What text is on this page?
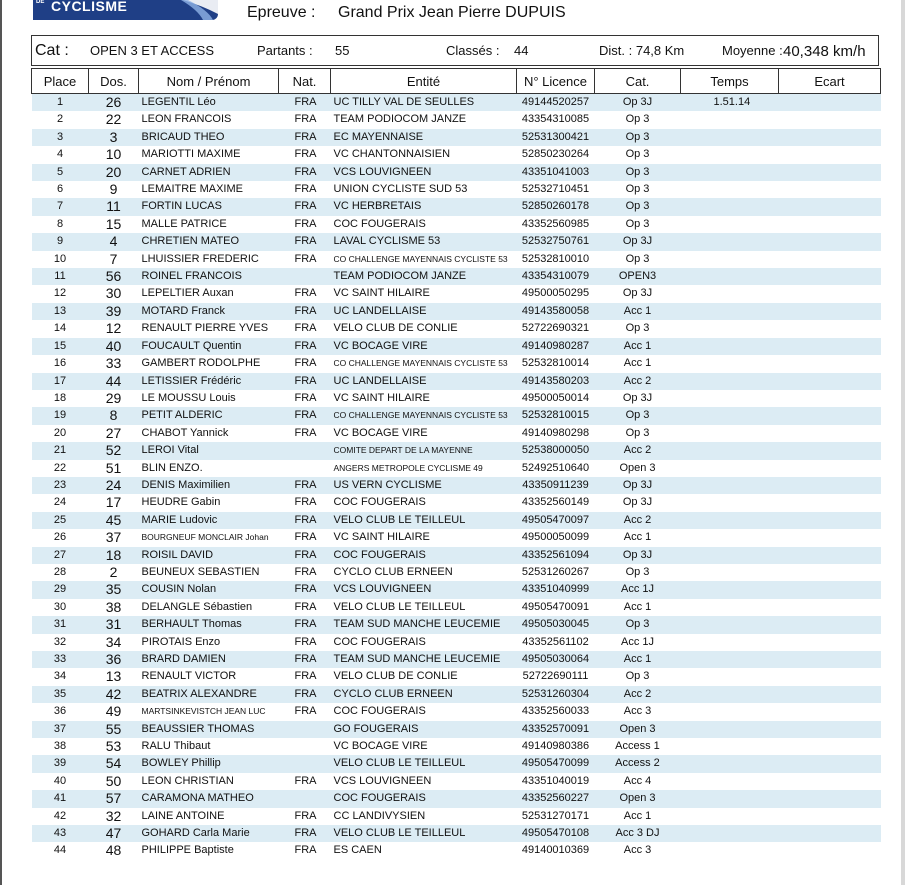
DE CYCLISME	Epreuve : Grand Prix Jean Pierre DUPUIS
Cat : OPEN 3 ET ACCESS	Partants : 55	Classés : 44	Dist. : 74,8 Km	Moyenne : 40,348 km/h
Place	Dos.	Nom / Prénom	Nat.	Entité	N° Licence	Cat.	Temps	Ecart
1	26	LEGENTIL Léo	FRA	UC TILLY VAL DE SEULLES	49144520257	Op 3J	1.51.14	
2	22	LEON FRANCOIS	FRA	TEAM PODIOCOM JANZE	43354310085	Op 3		
3	3	BRICAUD THEO	FRA	EC MAYENNAISE	52531300421	Op 3		
4	10	MARIOTTI MAXIME	FRA	VC CHANTONNAISIEN	52850230264	Op 3		
5	20	CARNET ADRIEN	FRA	VCS LOUVIGNEEN	43351041003	Op 3		
6	9	LEMAITRE MAXIME	FRA	UNION CYCLISTE SUD 53	52532710451	Op 3		
7	11	FORTIN LUCAS	FRA	VC HERBRETAIS	52850260178	Op 3		
8	15	MALLE PATRICE	FRA	COC FOUGERAIS	43352560985	Op 3		
9	4	CHRETIEN MATEO	FRA	LAVAL CYCLISME 53	52532750761	Op 3J		
10	7	LHUISSIER FREDERIC	FRA	CO CHALLENGE MAYENNAIS CYCLISTE 53	52532810010	Op 3		
11	56	ROINEL FRANCOIS		TEAM PODIOCOM JANZE	43354310079	OPEN3		
12	30	LEPELTIER Auxan	FRA	VC SAINT HILAIRE	49500050295	Op 3J		
13	39	MOTARD Franck	FRA	UC LANDELLAISE	49143580058	Acc 1		
14	12	RENAULT PIERRE YVES	FRA	VELO CLUB DE CONLIE	52722690321	Op 3		
15	40	FOUCAULT Quentin	FRA	VC BOCAGE VIRE	49140980287	Acc 1		
16	33	GAMBERT RODOLPHE	FRA	CO CHALLENGE MAYENNAIS CYCLISTE 53	52532810014	Acc 1		
17	44	LETISSIER Frédéric	FRA	UC LANDELLAISE	49143580203	Acc 2		
18	29	LE MOUSSU Louis	FRA	VC SAINT HILAIRE	49500050014	Op 3J		
19	8	PETIT ALDERIC	FRA	CO CHALLENGE MAYENNAIS CYCLISTE 53	52532810015	Op 3		
20	27	CHABOT Yannick	FRA	VC BOCAGE VIRE	49140980298	Op 3		
21	52	LEROI Vital		COMITE DEPART DE LA MAYENNE	52538000050	Acc 2		
22	51	BLIN ENZO.		ANGERS METROPOLE CYCLISME 49	52492510640	Open 3		
23	24	DENIS Maximilien	FRA	US VERN CYCLISME	43350911239	Op 3J		
24	17	HEUDRE Gabin	FRA	COC FOUGERAIS	43352560149	Op 3J		
25	45	MARIE Ludovic	FRA	VELO CLUB LE TEILLEUL	49505470097	Acc 2		
26	37	BOURGNEUF MONCLAIR Johan	FRA	VC SAINT HILAIRE	49500050099	Acc 1		
27	18	ROISIL DAVID	FRA	COC FOUGERAIS	43352561094	Op 3J		
28	2	BEUNEUX SEBASTIEN	FRA	CYCLO CLUB ERNEEN	52531260267	Op 3		
29	35	COUSIN Nolan	FRA	VCS LOUVIGNEEN	43351040999	Acc 1J		
30	38	DELANGLE Sébastien	FRA	VELO CLUB LE TEILLEUL	49505470091	Acc 1		
31	31	BERHAULT Thomas	FRA	TEAM SUD MANCHE LEUCEMIE	49505030045	Op 3		
32	34	PIROTAIS Enzo	FRA	COC FOUGERAIS	43352561102	Acc 1J		
33	36	BRARD DAMIEN	FRA	TEAM SUD MANCHE LEUCEMIE	49505030064	Acc 1		
34	13	RENAULT VICTOR	FRA	VELO CLUB DE CONLIE	52722690111	Op 3		
35	42	BEATRIX ALEXANDRE	FRA	CYCLO CLUB ERNEEN	52531260304	Acc 2		
36	49	MARTSINKEVISTCH JEAN LUC	FRA	COC FOUGERAIS	43352560033	Acc 3		
37	55	BEAUSSIER THOMAS		GO FOUGERAIS	43352570091	Open 3		
38	53	RALU Thibaut		VC BOCAGE VIRE	49140980386	Access 1		
39	54	BOWLEY Phillip		VELO CLUB LE TEILLEUL	49505470099	Access 2		
40	50	LEON CHRISTIAN	FRA	VCS LOUVIGNEEN	43351040019	Acc 4		
41	57	CARAMONA MATHEO		COC FOUGERAIS	43352560227	Open 3		
42	32	LAINE ANTOINE	FRA	CC LANDIVYSIEN	52531270171	Acc 1		
43	47	GOHARD Carla Marie	FRA	VELO CLUB LE TEILLEUL	49505470108	Acc 3 DJ		
44	48	PHILIPPE Baptiste	FRA	ES CAEN	49140010369	Acc 3		
